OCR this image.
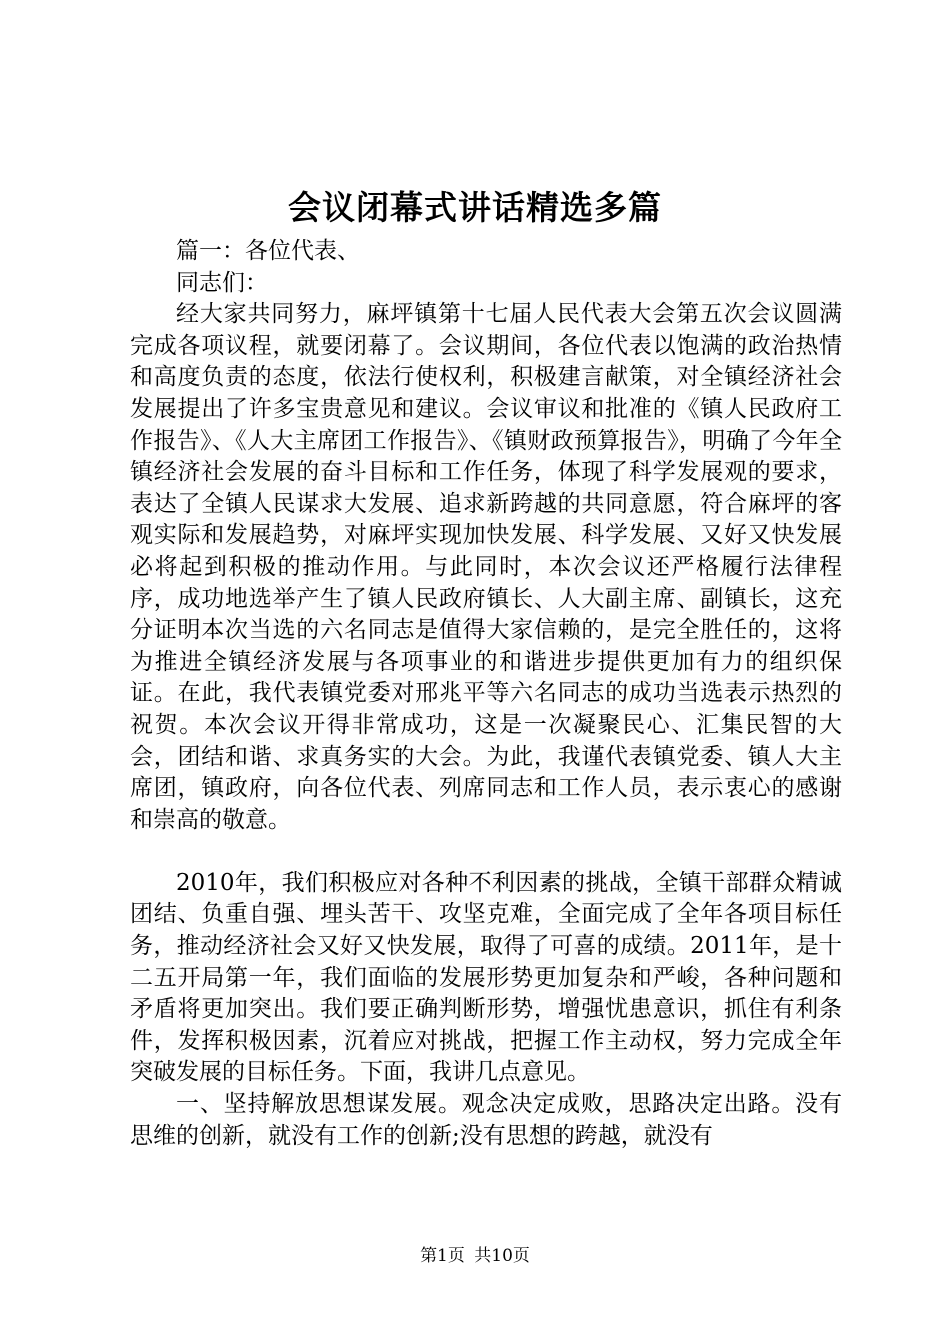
会议闭幕式讲话精选多篇

篇一：各位代表、

同志们：

经大家共同努力，麻坪镇第十七届人民代表大会第五次会议圆满完成各项议程，就要闭幕了。会议期间，各位代表以饱满的政治热情和高度负责的态度，依法行使权利，积极建言献策，对全镇经济社会发展提出了许多宝贵意见和建议。会议审议和批准的《镇人民政府工作报告》、《人大主席团工作报告》、《镇财政预算报告》，明确了今年全镇经济社会发展的奋斗目标和工作任务，体现了科学发展观的要求，表达了全镇人民谋求大发展、追求新跨越的共同意愿，符合麻坪的客观实际和发展趋势，对麻坪实现加快发展、科学发展、又好又快发展必将起到积极的推动作用。与此同时，本次会议还严格履行法律程序，成功地选举产生了镇人民政府镇长、人大副主席、副镇长，这充分证明本次当选的六名同志是值得大家信赖的，是完全胜任的，这将为推进全镇经济发展与各项事业的和谐进步提供更加有力的组织保证。在此，我代表镇党委对邢兆平等六名同志的成功当选表示热烈的祝贺。本次会议开得非常成功，这是一次凝聚民心、汇集民智的大会，团结和谐、求真务实的大会。为此，我谨代表镇党委、镇人大主席团，镇政府，向各位代表、列席同志和工作人员，表示衷心的感谢和崇高的敬意。

2010年，我们积极应对各种不利因素的挑战，全镇干部群众精诚团结、负重自强、埋头苦干、攻坚克难，全面完成了全年各项目标任务，推动经济社会又好又快发展，取得了可喜的成绩。2011年，是十二五开局第一年，我们面临的发展形势更加复杂和严峻，各种问题和矛盾将更加突出。我们要正确判断形势，增强忧患意识，抓住有利条件，发挥积极因素，沉着应对挑战，把握工作主动权，努力完成全年突破发展的目标任务。下面，我讲几点意见。

一、坚持解放思想谋发展。观念决定成败，思路决定出路。没有思维的创新，就没有工作的创新;没有思想的跨越，就没有

第1页 共10页
